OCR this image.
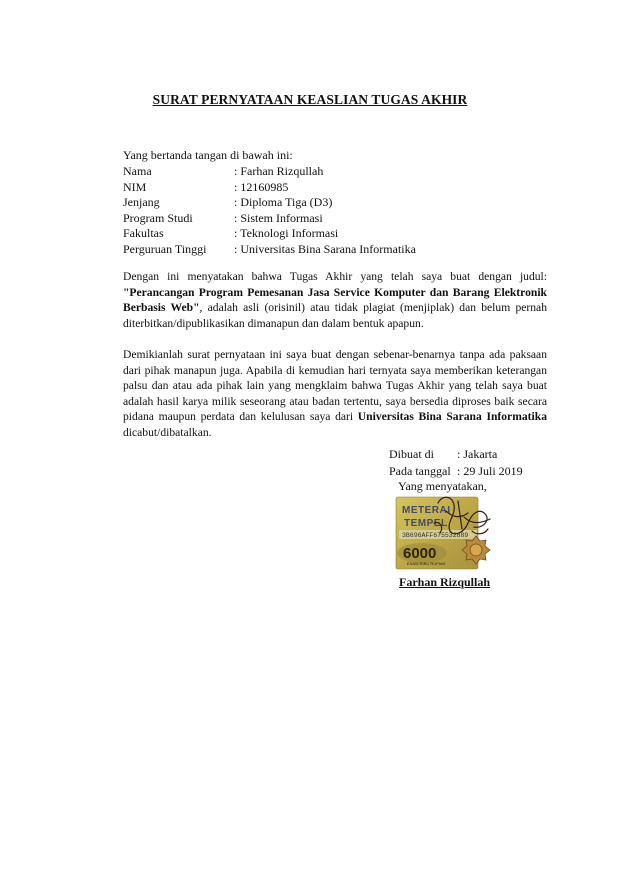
SURAT PERNYATAAN KEASLIAN TUGAS AKHIR
Yang bertanda tangan di bawah ini:
Nama	: Farhan Rizqullah
NIM	: 12160985
Jenjang	: Diploma Tiga (D3)
Program Studi	: Sistem Informasi
Fakultas	: Teknologi Informasi
Perguruan Tinggi : Universitas Bina Sarana Informatika
Dengan ini menyatakan bahwa Tugas Akhir yang telah saya buat dengan judul: "Perancangan Program Pemesanan Jasa Service Komputer dan Barang Elektronik Berbasis Web", adalah asli (orisinil) atau tidak plagiat (menjiplak) dan belum pernah diterbitkan/dipublikasikan dimanapun dan dalam bentuk apapun.
Demikianlah surat pernyataan ini saya buat dengan sebenar-benarnya tanpa ada paksaan dari pihak manapun juga. Apabila di kemudian hari ternyata saya memberikan keterangan palsu dan atau ada pihak lain yang mengklaim bahwa Tugas Akhir yang telah saya buat adalah hasil karya milik seseorang atau badan tertentu, saya bersedia diproses baik secara pidana maupun perdata dan kelulusan saya dari Universitas Bina Sarana Informatika dicabut/dibatalkan.
Dibuat di : Jakarta
Pada tanggal : 29 Juli 2019
Yang menyatakan,
METERAI
TEMPEL
3B696AFF675532889
6000
ENAM RIBU RUPIAH
Farhan Rizqullah
